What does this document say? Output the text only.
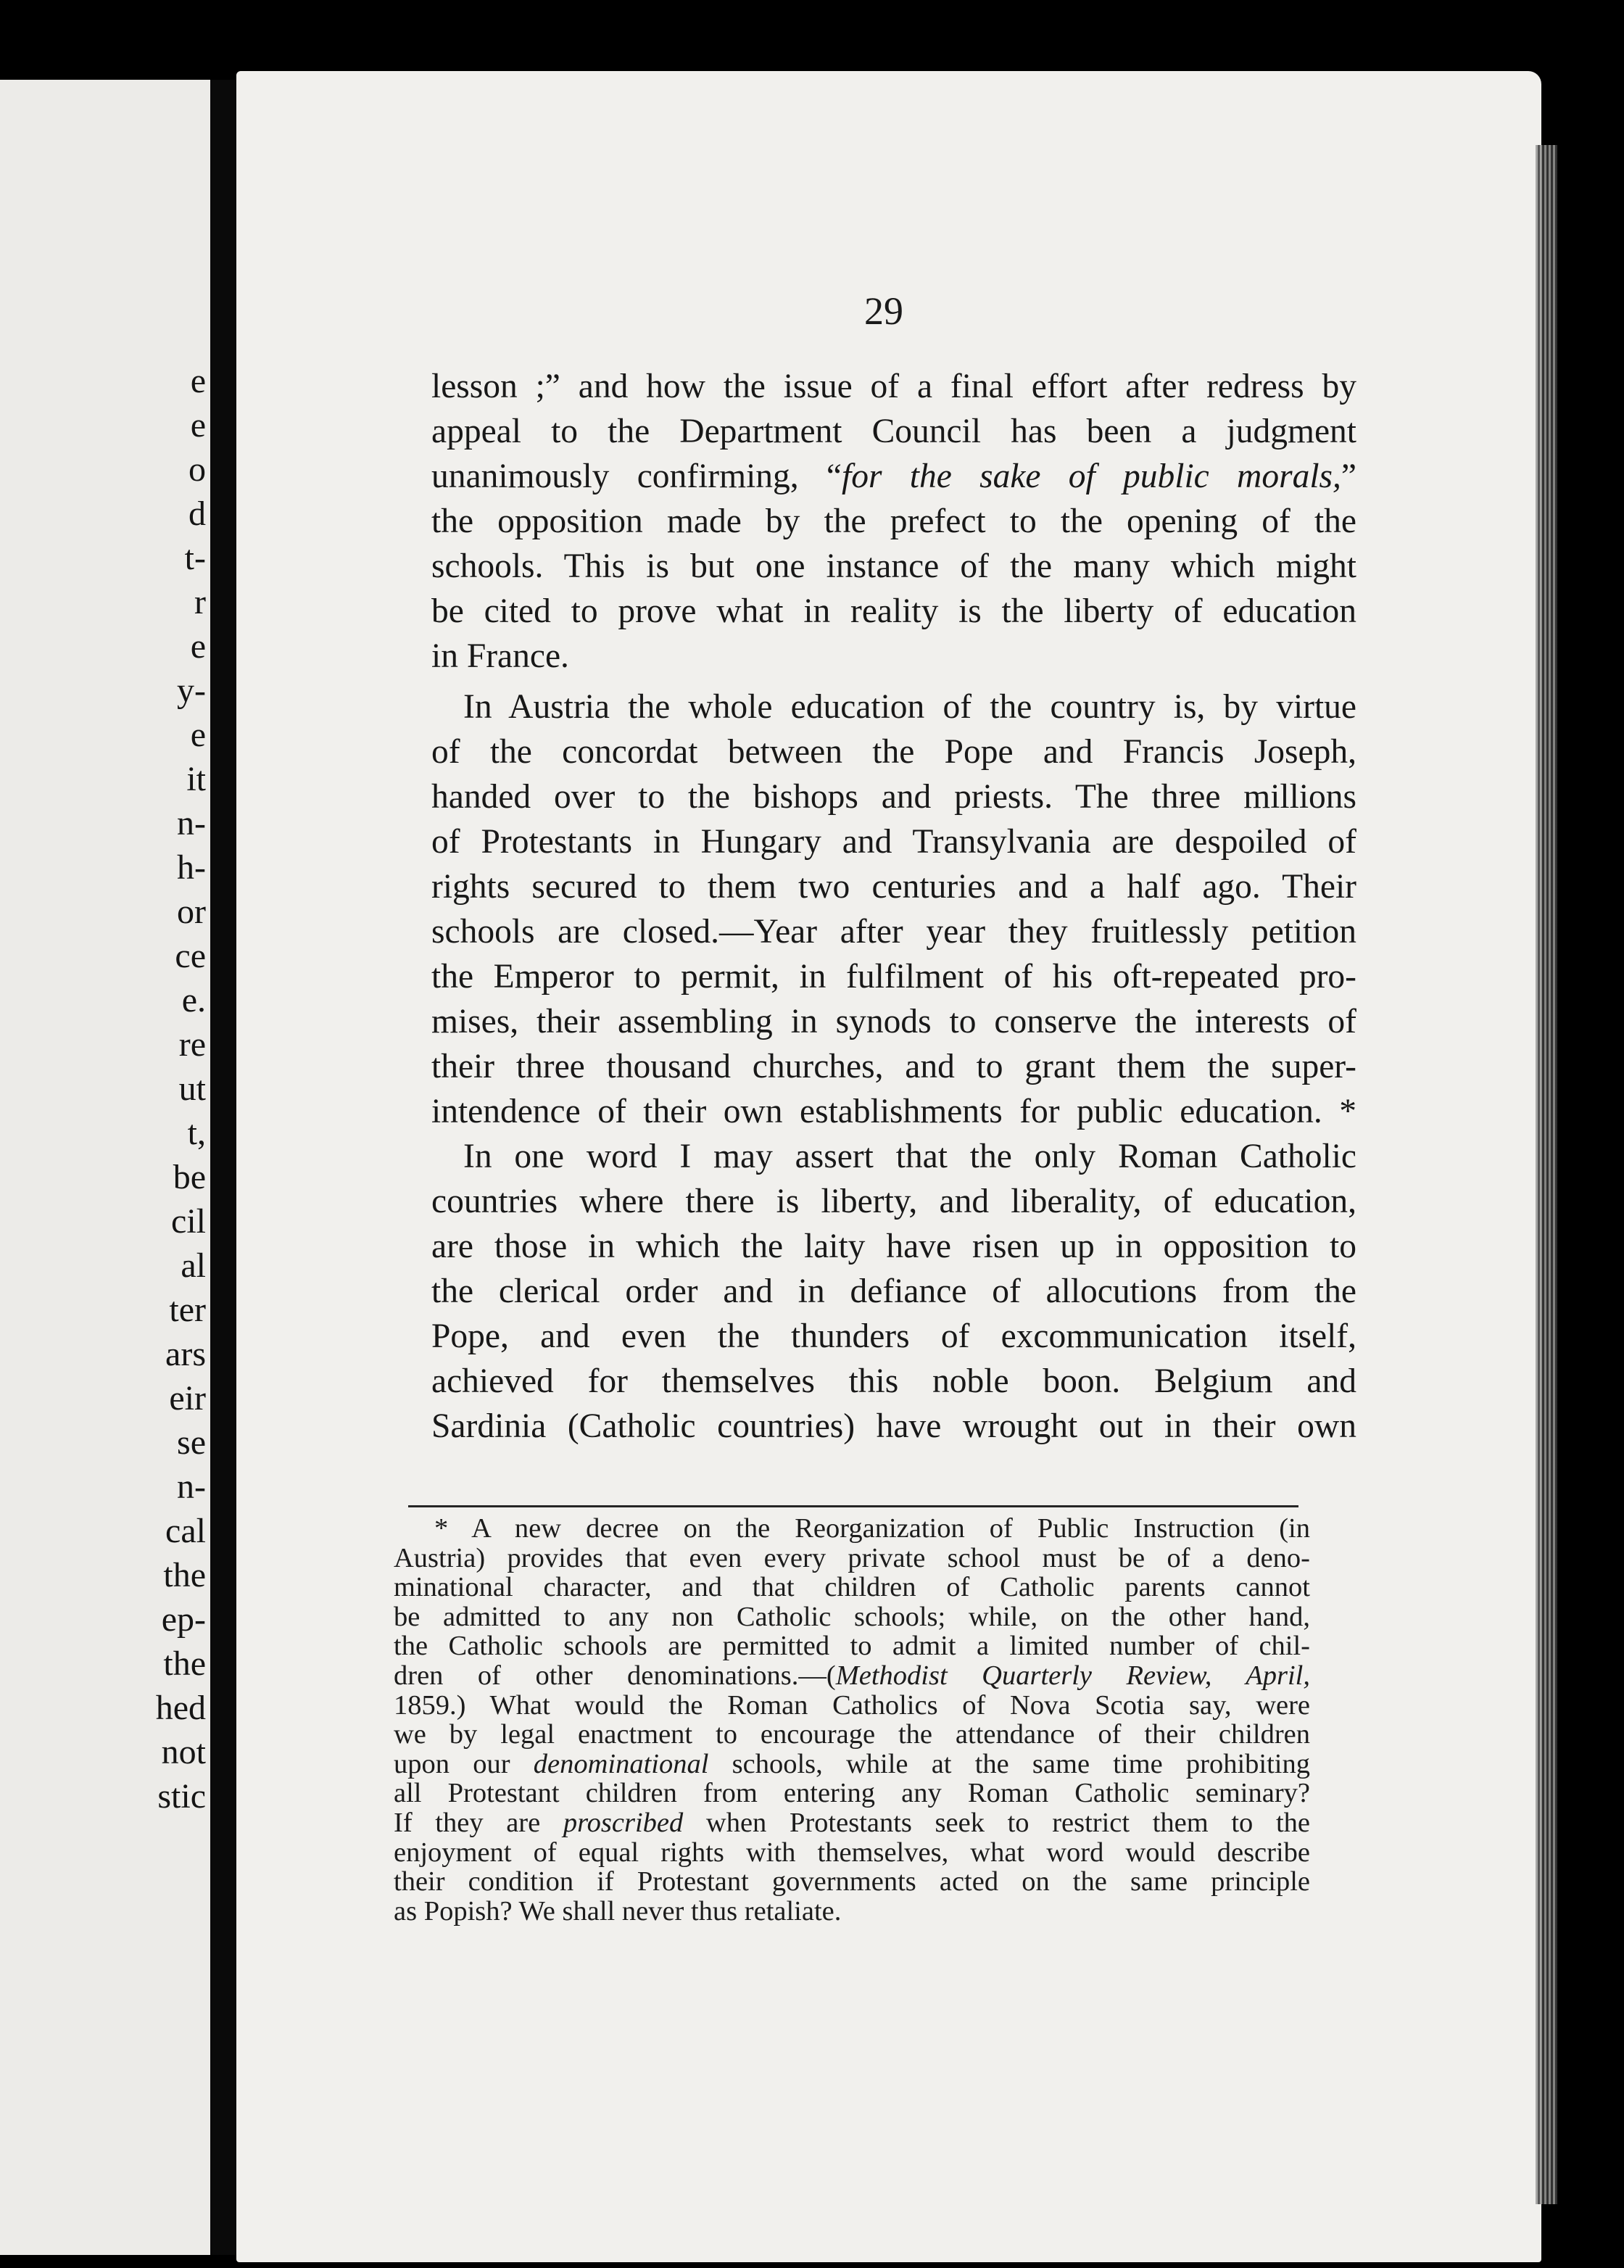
e
e
o
d
t-
r
e
y-
e
it
n-
h-
or
ce
e.
re
ut
t,
be
cil
al
ter
ars
eir
se
n-
cal
the
ep-
the
hed
not
stic
29
lesson ;” and how the issue of a final effort after redress by
appeal to the Department Council has been a judgment
unanimously confirming, “for the sake of public morals,”
the opposition made by the prefect to the opening of the
schools. This is but one instance of the many which might
be cited to prove what in reality is the liberty of education
in France.
In Austria the whole education of the country is, by virtue
of the concordat between the Pope and Francis Joseph,
handed over to the bishops and priests. The three millions
of Protestants in Hungary and Transylvania are despoiled of
rights secured to them two centuries and a half ago. Their
schools are closed.—Year after year they fruitlessly petition
the Emperor to permit, in fulfilment of his oft-repeated pro-
mises, their assembling in synods to conserve the interests of
their three thousand churches, and to grant them the super-
intendence of their own establishments for public education. *
In one word I may assert that the only Roman Catholic
countries where there is liberty, and liberality, of education,
are those in which the laity have risen up in opposition to
the clerical order and in defiance of allocutions from the
Pope, and even the thunders of excommunication itself,
achieved for themselves this noble boon. Belgium and
Sardinia (Catholic countries) have wrought out in their own
* A new decree on the Reorganization of Public Instruction (in
Austria) provides that even every private school must be of a deno-
minational character, and that children of Catholic parents cannot
be admitted to any non Catholic schools; while, on the other hand,
the Catholic schools are permitted to admit a limited number of chil-
dren of other denominations.—(Methodist Quarterly Review, April,
1859.) What would the Roman Catholics of Nova Scotia say, were
we by legal enactment to encourage the attendance of their children
upon our denominational schools, while at the same time prohibiting
all Protestant children from entering any Roman Catholic seminary?
If they are proscribed when Protestants seek to restrict them to the
enjoyment of equal rights with themselves, what word would describe
their condition if Protestant governments acted on the same principle
as Popish? We shall never thus retaliate.
